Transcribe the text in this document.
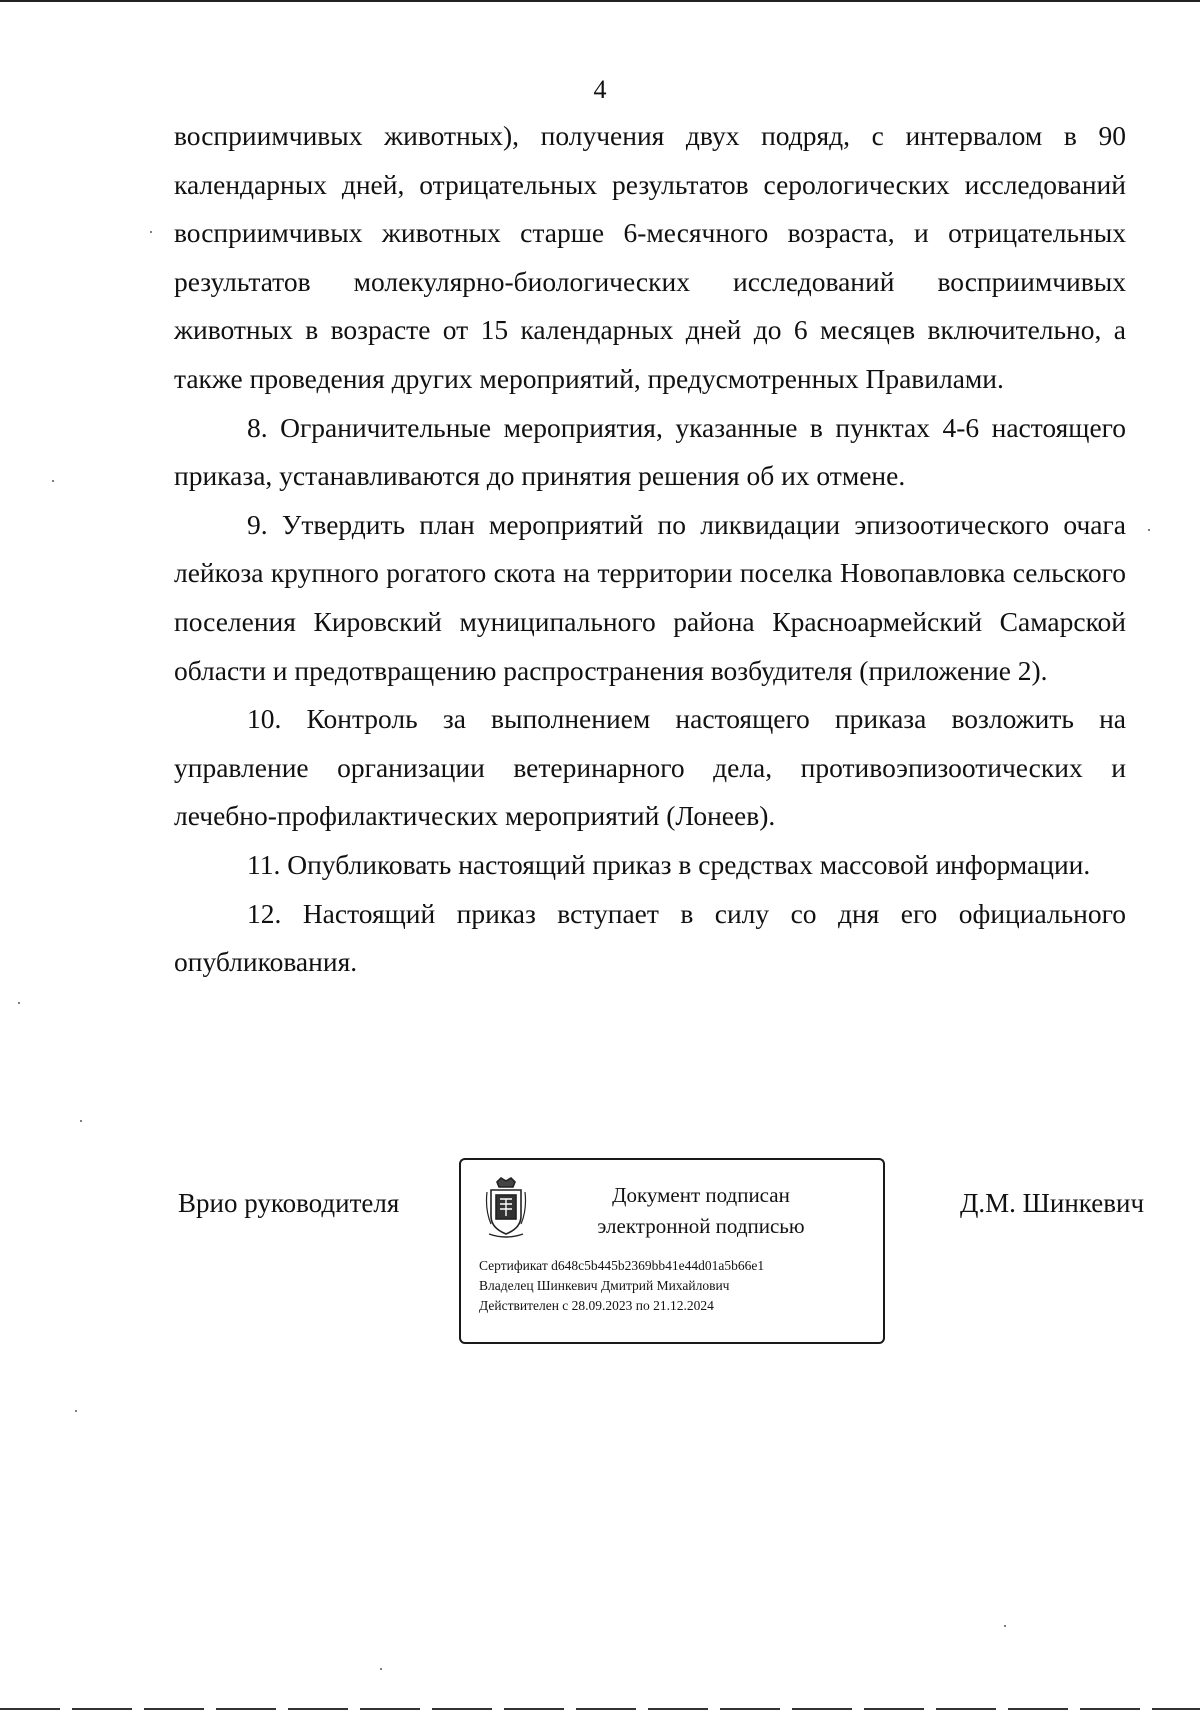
4

восприимчивых животных), получения двух подряд, с интервалом в 90 календарных дней, отрицательных результатов серологических исследований восприимчивых животных старше 6-месячного возраста, и отрицательных результатов молекулярно-биологических исследований восприимчивых животных в возрасте от 15 календарных дней до 6 месяцев включительно, а также проведения других мероприятий, предусмотренных Правилами.

8. Ограничительные мероприятия, указанные в пунктах 4-6 настоящего приказа, устанавливаются до принятия решения об их отмене.

9. Утвердить план мероприятий по ликвидации эпизоотического очага лейкоза крупного рогатого скота на территории поселка Новопавловка сельского поселения Кировский муниципального района Красноармейский Самарской области и предотвращению распространения возбудителя (приложение 2).

10. Контроль за выполнением настоящего приказа возложить на управление организации ветеринарного дела, противоэпизоотических и лечебно-профилактических мероприятий (Лонеев).

11. Опубликовать настоящий приказ в средствах массовой информации.

12. Настоящий приказ вступает в силу со дня его официального опубликования.

Врио руководителя	Документ подписан
электронной подписью
Сертификат d648c5b445b2369bb41e44d01a5b66e1
Владелец Шинкевич Дмитрий Михайлович
Действителен с 28.09.2023 по 21.12.2024
Д.М. Шинкевич
